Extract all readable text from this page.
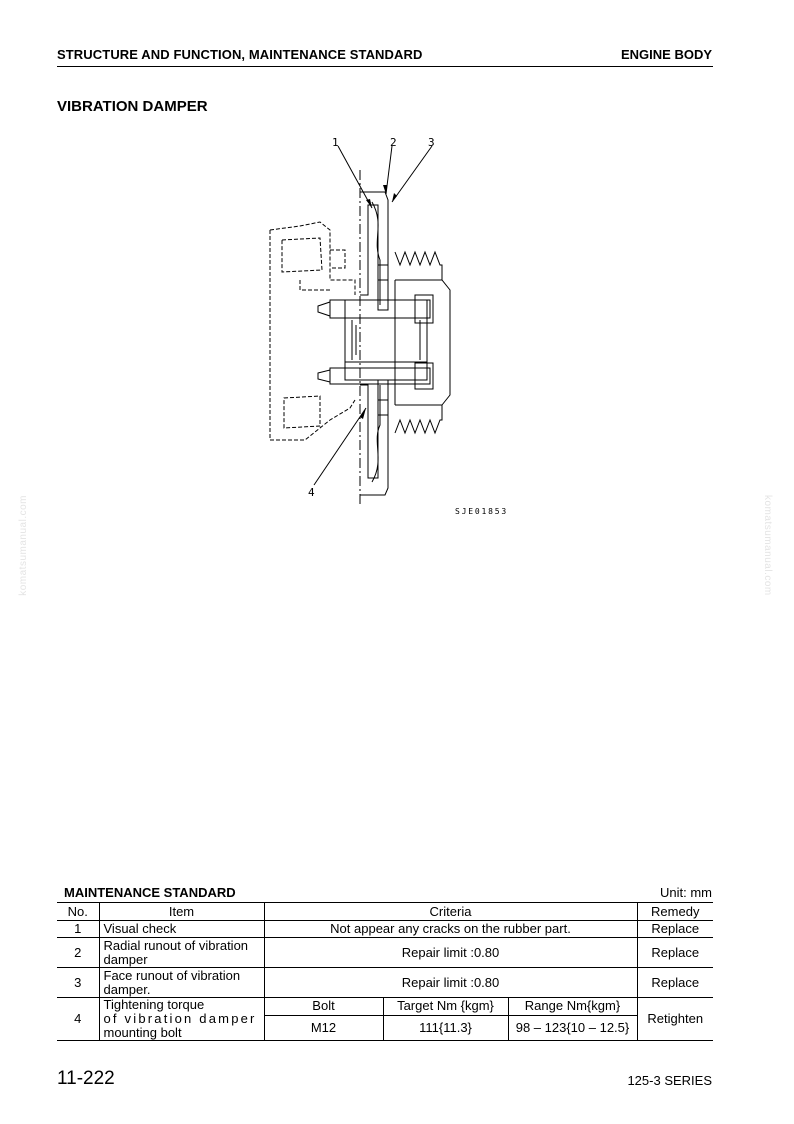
STRUCTURE AND FUNCTION, MAINTENANCE STANDARD	ENGINE BODY
VIBRATION DAMPER
1	2	3
4
SJE01853
komatsumanual.com	komatsumanual.com
MAINTENANCE STANDARD	Unit: mm
No.	Item	Criteria			Remedy
1	Visual check	Not appear any cracks on the rubber part.			Replace
2	Radial runout of vibration damper	Repair limit :0.80			Replace
3	Face runout of vibration damper.	Repair limit :0.80			Replace
4	Tightening torque
of vibration damper
mounting bolt	Bolt	Target Nm {kgm}	Range Nm{kgm}	Retighten
		M12	111{11.3}	98 – 123{10 – 12.5}	
11-222	125-3 SERIES
